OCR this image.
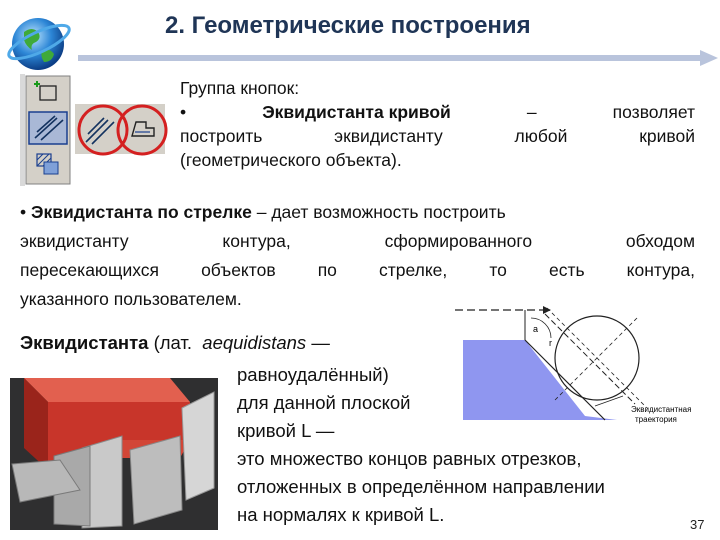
2. Геометрические построения
Группа кнопок:
•	Эквидистанта кривой	–	позволяет
построить	эквидистанту	любой	кривой
(геометрического объекта).
• Эквидистанта по стрелке – дает возможность построить
эквидистанту	контура,	сформированного	обходом
пересекающихся объектов по стрелке, то есть контура,
указанного пользователем.
Эквидистанта (лат. aequidistans —
равноудалённый)
для данной плоской
кривой L —
это множество концов равных отрезков,
отложенных в определённом направлении
на нормалях к кривой L.
a
r
Эквидистантная
траектория
37
